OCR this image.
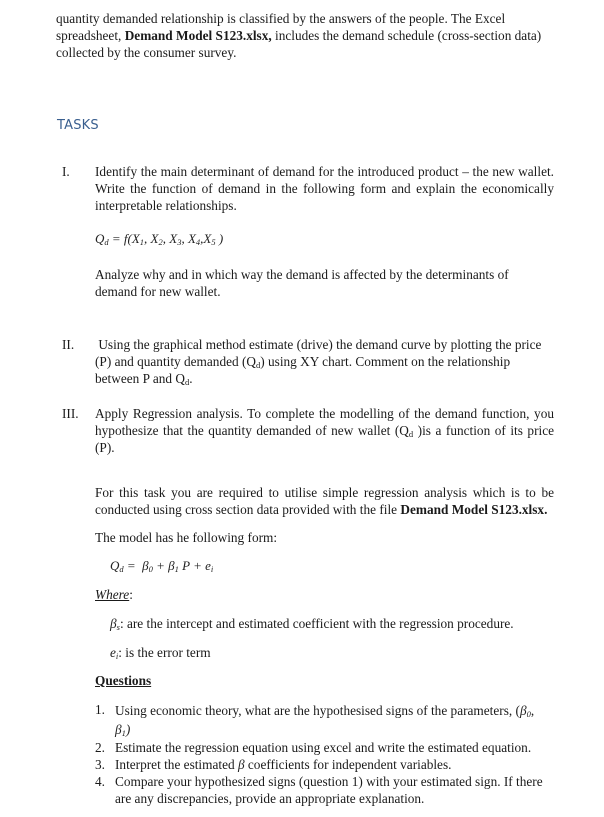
quantity demanded relationship is classified by the answers of the people. The Excel

spreadsheet, Demand Model S123.xlsx, includes the demand schedule (cross-section data)

collected by the consumer survey.

TASKS
I.	Identify the main determinant of demand for the introduced product – the new wallet. Write the function of demand in the following form and explain the economically interpretable relationships.

$Q_d = f(X_1$, $X_2$, $X_3$, $X_4,X_5$ )

Analyze why and in which way the demand is affected by the determinants of demand for new wallet.

II.	Using the graphical method estimate (drive) the demand curve by plotting the price
(P) and quantity demanded $(Q_d)$ using XY chart. Comment on the relationship
between P and $Q_d$.
III.	Apply Regression analysis. To complete the modelling of the demand function, you hypothesize that the quantity demanded of new wallet ($Q_d$ )is a function of its price (P).

For this task you are required to utilise simple regression analysis which is to be conducted using cross section data provided with the file Demand Model S123.xlsx.

The model has he following form:

$Q_d = \beta_0 + \beta_1$ $P + e_i$
Where:
$\beta_s$: are the intercept and estimated coefficient with the regression procedure.
$e_i$: is the error term
Questions
1. Using economic theory, what are the hypothesised signs of the parameters, ($\beta_0$,
$\beta_1$)
2. Estimate the regression equation using excel and write the estimated equation.
3. Interpret the estimated β coefficients for independent variables.
4. Compare your hypothesized signs (question 1) with your estimated sign. If there are any discrepancies, provide an appropriate explanation.
